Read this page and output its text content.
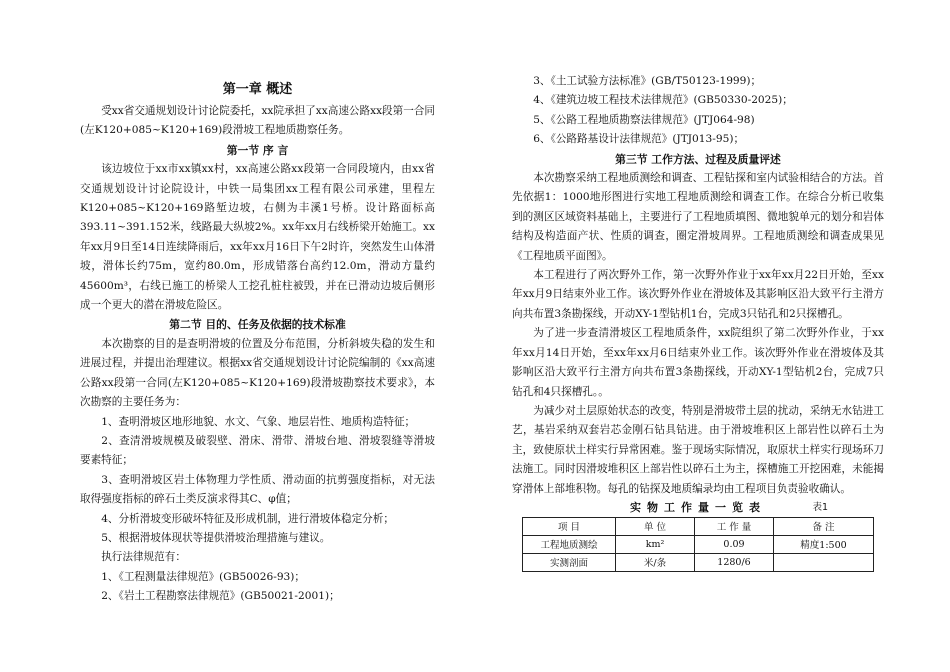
第一章 概述

受xx省交通规划设计讨论院委托，xx院承担了xx高速公路xx段第一合同(左K120+085~K120+169)段滑坡工程地质勘察任务。

第一节 序 言

该边坡位于xx市xx镇xx村，xx高速公路xx段第一合同段境内，由xx省交通规划设计讨论院设计，中铁一局集团xx工程有限公司承建，里程左K120+085~K120+169路堑边坡，右侧为丰溪1号桥。设计路面标高393.11~391.152米，线路最大纵坡2%。xx年xx月右线桥梁开始施工。xx年xx月9日至14日连续降雨后，xx年xx月16日下午2时许，突然发生山体滑坡，滑体长约75m，宽约80.0m，形成错落台高约12.0m，滑动方量约45600m³，右线已施工的桥梁人工挖孔桩柱被毁，并在已滑动边坡后侧形成一个更大的潜在滑坡危险区。

第二节 目的、任务及依据的技术标准

本次勘察的目的是查明滑坡的位置及分布范围，分析斜坡失稳的发生和进展过程，并提出治理建议。根据xx省交通规划设计讨论院编制的《xx高速公路xx段第一合同(左K120+085~K120+169)段滑坡勘察技术要求》，本次勘察的主要任务为：

1、查明滑坡区地形地貌、水文、气象、地层岩性、地质构造特征；

2、查清滑坡规模及破裂壁、滑床、滑带、滑坡台地、滑坡裂缝等滑坡要素特征；

3、查明滑坡区岩土体物理力学性质、滑动面的抗剪强度指标，对无法取得强度指标的碎石土类反演求得其C、φ值；

4、分析滑坡变形破坏特征及形成机制，进行滑坡体稳定分析；

5、根据滑坡体现状等提供滑坡治理措施与建议。

执行法律规范有：

1、《工程测量法律规范》(GB50026-93)；

2、《岩土工程勘察法律规范》(GB50021-2001)；

3、《土工试验方法标准》(GB/T50123-1999)；

4、《建筑边坡工程技术法律规范》(GB50330-2025)；

5、《公路工程地质勘察法律规范》(JTJ064-98)

6、《公路路基设计法律规范》(JTJ013-95)；

第三节 工作方法、过程及质量评述

本次勘察采纳工程地质测绘和调查、工程钻探和室内试验相结合的方法。首先依据1：1000地形图进行实地工程地质测绘和调查工作。在综合分析已收集到的测区区域资料基础上，主要进行了工程地质填图、微地貌单元的划分和岩体结构及构造面产状、性质的调查，圈定滑坡周界。工程地质测绘和调查成果见《工程地质平面图》。

本工程进行了两次野外工作，第一次野外作业于xx年xx月22日开始，至xx年xx月9日结束外业工作。该次野外作业在滑坡体及其影响区沿大致平行主滑方向共布置3条勘探线，开动XY-1型钻机1台，完成3只钻孔和2只探槽孔。

为了进一步查清滑坡区工程地质条件，xx院组织了第二次野外作业，于xx年xx月14日开始，至xx年xx月6日结束外业工作。该次野外作业在滑坡体及其影响区沿大致平行主滑方向共布置3条勘探线，开动XY-1型钻机2台，完成7只钻孔和4只探槽孔。。

为减少对土层原始状态的改变，特别是滑坡带土层的扰动，采纳无水钻进工艺，基岩采纳双套岩芯金刚石钻具钻进。由于滑坡堆积区上部岩性以碎石土为主，致使原状土样实行异常困难。鉴于现场实际情况，取原状土样实行现场环刀法施工。同时因滑坡堆积区上部岩性以碎石土为主，探槽施工开挖困难，未能揭穿滑体上部堆积物。每孔的钻探及地质编录均由工程项目负责验收确认。

实物工作量一览表	表1
项 目	单 位	工 作 量	备 注
工程地质测绘	km²	0.09	精度1:500
实测剖面	米/条	1280/6	
